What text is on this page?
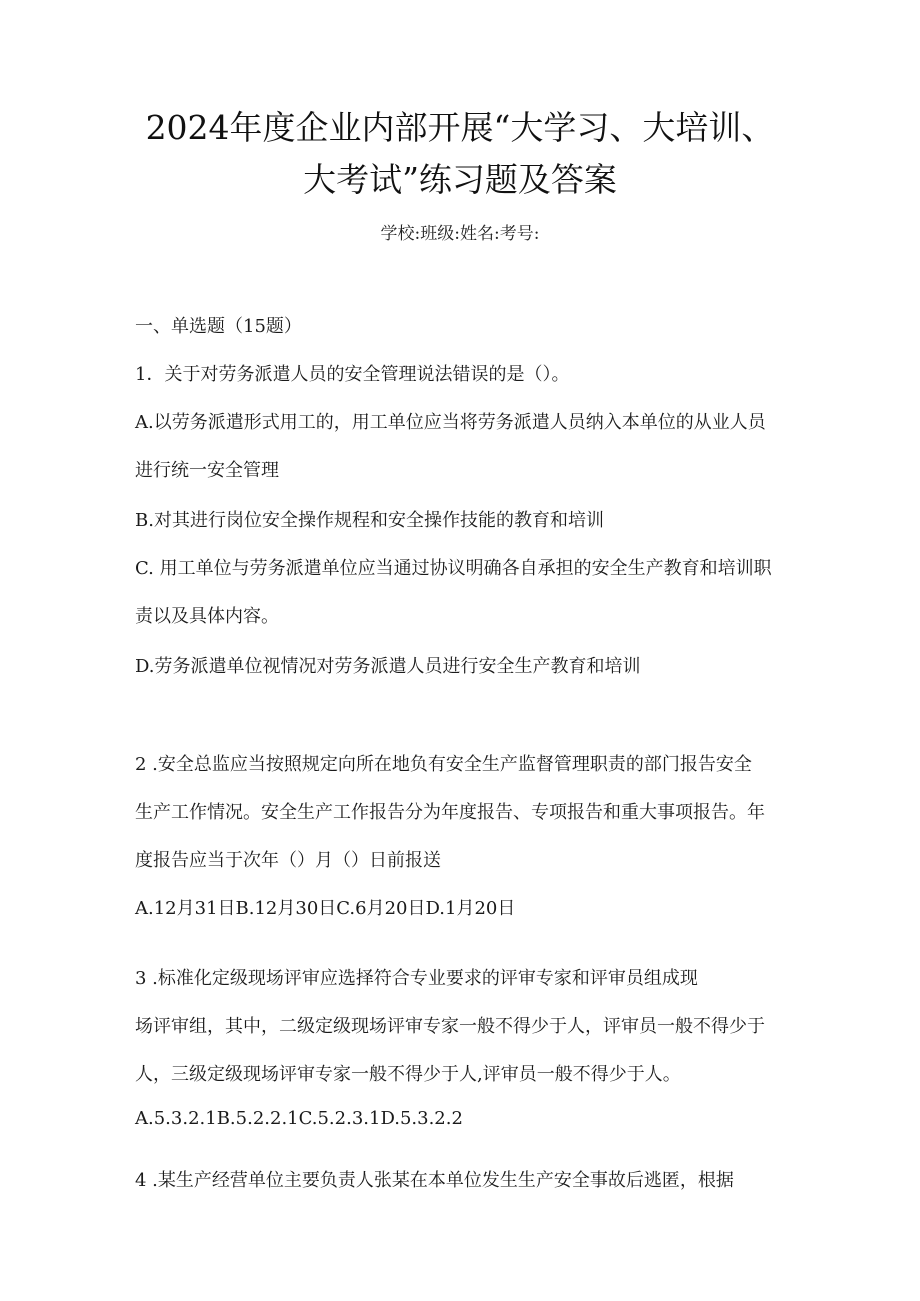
2024年度企业内部开展“大学习、大培训、
大考试”练习题及答案
学校:班级:姓名:考号:
一、单选题（15题）
1．关于对劳务派遣人员的安全管理说法错误的是（）。
A.以劳务派遣形式用工的，用工单位应当将劳务派遣人员纳入本单位的从业人员
进行统一安全管理
B.对其进行岗位安全操作规程和安全操作技能的教育和培训
C. 用工单位与劳务派遣单位应当通过协议明确各自承担的安全生产教育和培训职
责以及具体内容。
D.劳务派遣单位视情况对劳务派遣人员进行安全生产教育和培训
2 .安全总监应当按照规定向所在地负有安全生产监督管理职责的部门报告安全
生产工作情况。安全生产工作报告分为年度报告、专项报告和重大事项报告。年
度报告应当于次年（）月（）日前报送
A.12月31日B.12月30日C.6月20日D.1月20日
3 .标准化定级现场评审应选择符合专业要求的评审专家和评审员组成现
场评审组，其中，二级定级现场评审专家一般不得少于人，评审员一般不得少于
人，三级定级现场评审专家一般不得少于人,评审员一般不得少于人。
A.5.3.2.1B.5.2.2.1C.5.2.3.1D.5.3.2.2
4 .某生产经营单位主要负责人张某在本单位发生生产安全事故后逃匿，根据
